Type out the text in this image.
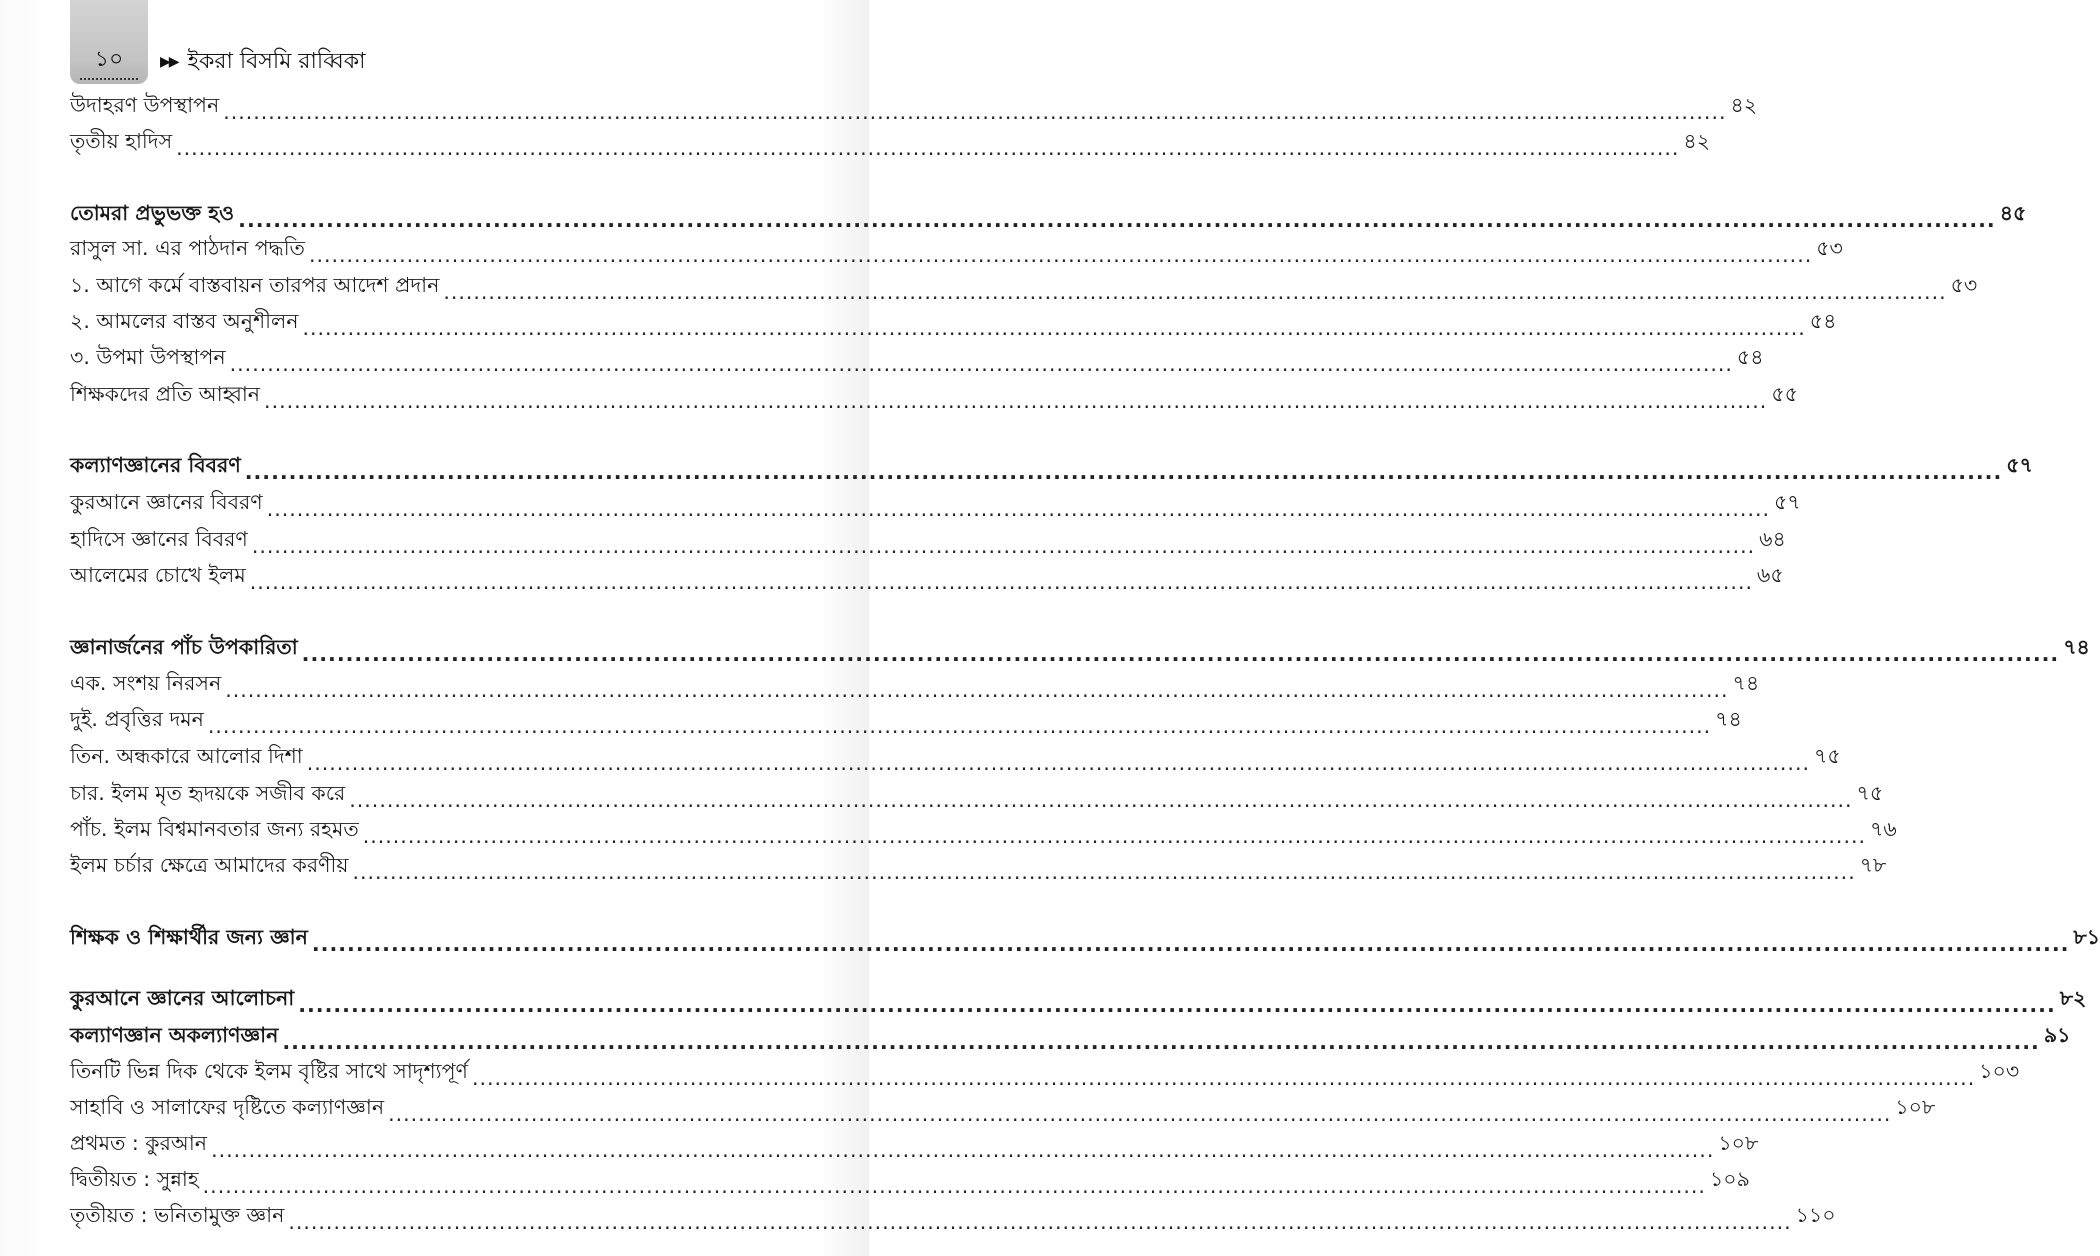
১০	▶▶ ইকরা বিসমি রাব্বিকা
উদাহরণ উপস্থাপন ........................................................................................................................................................................................................ ৪২
তৃতীয় হাদিস ........................................................................................................................................................................................................ ৪২
তোমরা প্রভুভক্ত হও ........................................................................................................................................................................................................ ৪৫
রাসুল সা. এর পাঠদান পদ্ধতি ........................................................................................................................................................................................................ ৫৩
১. আগে কর্মে বাস্তবায়ন তারপর আদেশ প্রদান ........................................................................................................................................................................................................ ৫৩
২. আমলের বাস্তব অনুশীলন ........................................................................................................................................................................................................ ৫৪
৩. উপমা উপস্থাপন ........................................................................................................................................................................................................ ৫৪
শিক্ষকদের প্রতি আহ্বান ........................................................................................................................................................................................................ ৫৫
কল্যাণজ্ঞানের বিবরণ ........................................................................................................................................................................................................ ৫৭
কুরআনে জ্ঞানের বিবরণ ........................................................................................................................................................................................................ ৫৭
হাদিসে জ্ঞানের বিবরণ ........................................................................................................................................................................................................ ৬৪
আলেমের চোখে ইলম ........................................................................................................................................................................................................ ৬৫
জ্ঞানার্জনের পাঁচ উপকারিতা ........................................................................................................................................................................................................ ৭৪
এক. সংশয় নিরসন ........................................................................................................................................................................................................ ৭৪
দুই. প্রবৃত্তির দমন ........................................................................................................................................................................................................ ৭৪
তিন. অন্ধকারে আলোর দিশা ........................................................................................................................................................................................................ ৭৫
চার. ইলম মৃত হৃদয়কে সজীব করে ........................................................................................................................................................................................................ ৭৫
পাঁচ. ইলম বিশ্বমানবতার জন্য রহমত ........................................................................................................................................................................................................ ৭৬
ইলম চর্চার ক্ষেত্রে আমাদের করণীয় ........................................................................................................................................................................................................ ৭৮
শিক্ষক ও শিক্ষার্থীর জন্য জ্ঞান ........................................................................................................................................................................................................ ৮১
কুরআনে জ্ঞানের আলোচনা ........................................................................................................................................................................................................ ৮২
কল্যাণজ্ঞান অকল্যাণজ্ঞান ........................................................................................................................................................................................................ ৯১
তিনটি ভিন্ন দিক থেকে ইলম বৃষ্টির সাথে সাদৃশ্যপূর্ণ ........................................................................................................................................................................................................ ১০৩
সাহাবি ও সালাফের দৃষ্টিতে কল্যাণজ্ঞান ........................................................................................................................................................................................................ ১০৮
প্রথমত : কুরআন ........................................................................................................................................................................................................ ১০৮
দ্বিতীয়ত : সুন্নাহ ........................................................................................................................................................................................................ ১০৯
তৃতীয়ত : ভনিতামুক্ত জ্ঞান ........................................................................................................................................................................................................ ১১০
